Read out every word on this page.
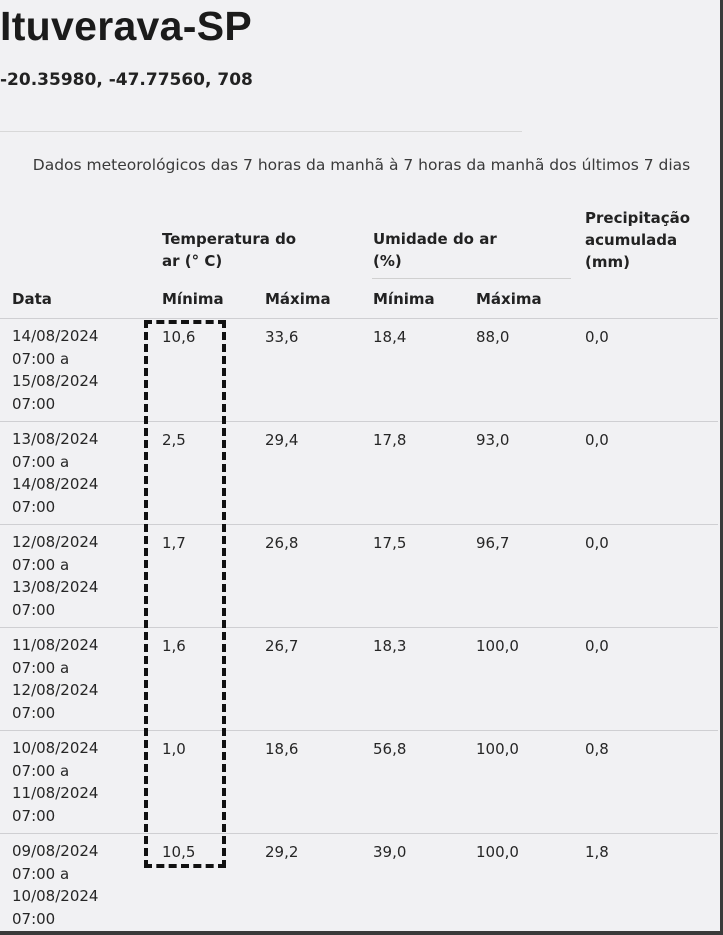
Ituverava-SP
-20.35980, -47.77560, 708
Dados meteorológicos das 7 horas da manhã à 7 horas da manhã dos últimos 7 dias
Temperatura do
ar (° C)
Umidade do ar
(%)
Precipitação
acumulada
(mm)
Data	Mínima	Máxima	Mínima	Máxima
14/08/2024
07:00 a
15/08/2024
07:00
10,6	33,6	18,4	88,0	0,0
13/08/2024
07:00 a
14/08/2024
07:00
2,5	29,4	17,8	93,0	0,0
12/08/2024
07:00 a
13/08/2024
07:00
1,7	26,8	17,5	96,7	0,0
11/08/2024
07:00 a
12/08/2024
07:00
1,6	26,7	18,3	100,0	0,0
10/08/2024
07:00 a
11/08/2024
07:00
1,0	18,6	56,8	100,0	0,8
09/08/2024
07:00 a
10/08/2024
07:00
10,5	29,2	39,0	100,0	1,8
